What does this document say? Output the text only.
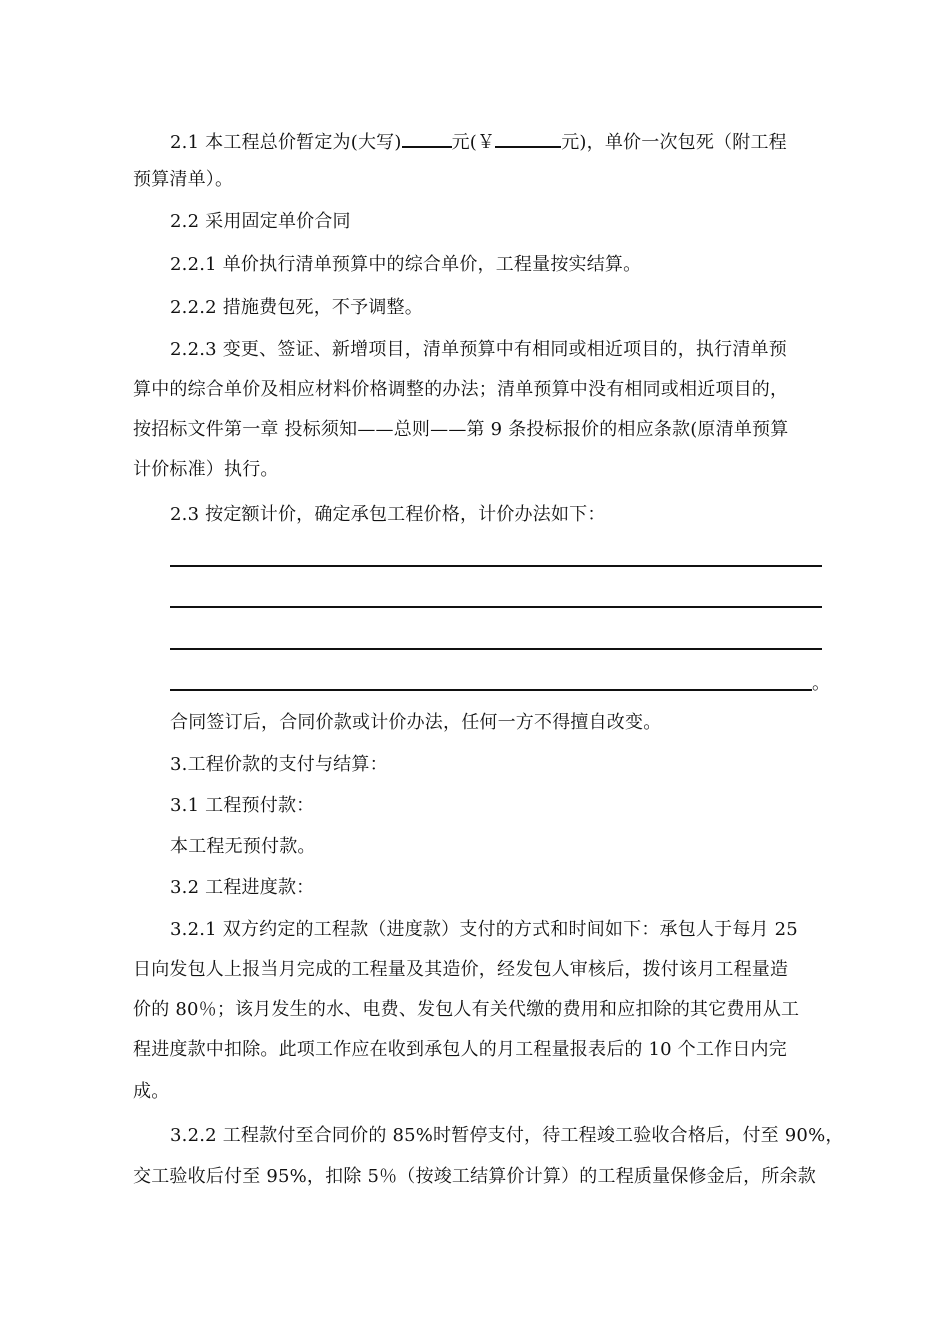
2.1 本工程总价暂定为(大写)	元(￥	元)，单价一次包死（附工程
预算清单）。
2.2 采用固定单价合同
2.2.1 单价执行清单预算中的综合单价，工程量按实结算。
2.2.2 措施费包死，不予调整。
2.2.3 变更、签证、新增项目，清单预算中有相同或相近项目的，执行清单预
算中的综合单价及相应材料价格调整的办法；清单预算中没有相同或相近项目的，
按招标文件第一章 投标须知——总则——第 9 条投标报价的相应条款(原清单预算
计价标准）执行。
2.3 按定额计价，确定承包工程价格，计价办法如下：
。
合同签订后，合同价款或计价办法，任何一方不得擅自改变。
3.工程价款的支付与结算：
3.1 工程预付款：
本工程无预付款。
3.2 工程进度款：
3.2.1 双方约定的工程款（进度款）支付的方式和时间如下：承包人于每月 25
日向发包人上报当月完成的工程量及其造价，经发包人审核后，拨付该月工程量造
价的 80％；该月发生的水、电费、发包人有关代缴的费用和应扣除的其它费用从工
程进度款中扣除。此项工作应在收到承包人的月工程量报表后的 10 个工作日内完
成。
3.2.2 工程款付至合同价的 85%时暂停支付，待工程竣工验收合格后，付至 90%，
交工验收后付至 95%，扣除 5％（按竣工结算价计算）的工程质量保修金后，所余款
